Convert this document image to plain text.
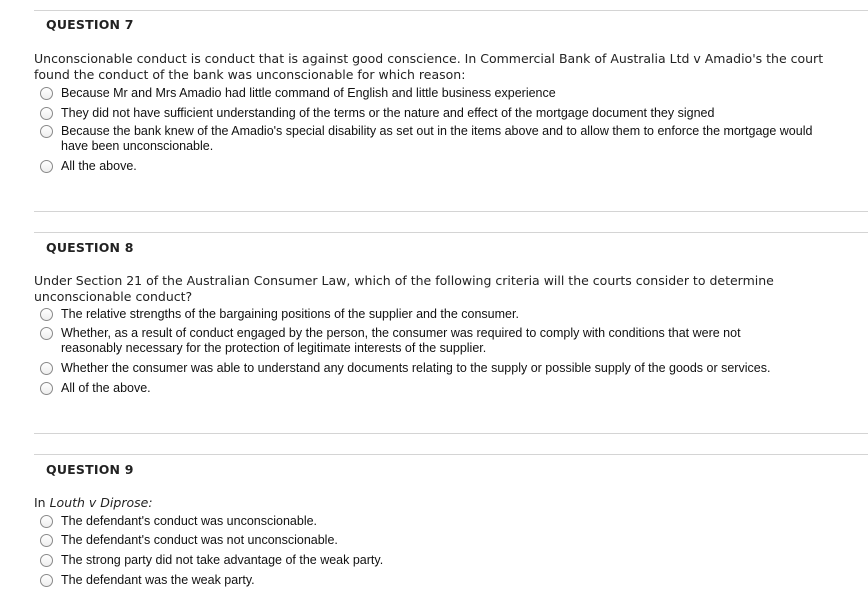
QUESTION 7
Unconscionable conduct is conduct that is against good conscience. In Commercial Bank of Australia Ltd v Amadio's the court found the conduct of the bank was unconscionable for which reason:
Because Mr and Mrs Amadio had little command of English and little business experience
They did not have sufficient understanding of the terms or the nature and effect of the mortgage document they signed
Because the bank knew of the Amadio's special disability as set out in the items above and to allow them to enforce the mortgage would have been unconscionable.
All the above.
QUESTION 8
Under Section 21 of the Australian Consumer Law, which of the following criteria will the courts consider to determine unconscionable conduct?
The relative strengths of the bargaining positions of the supplier and the consumer.
Whether, as a result of conduct engaged by the person, the consumer was required to comply with conditions that were not reasonably necessary for the protection of legitimate interests of the supplier.
Whether the consumer was able to understand any documents relating to the supply or possible supply of the goods or services.
All of the above.
QUESTION 9
In Louth v Diprose:
The defendant's conduct was unconscionable.
The defendant's conduct was not unconscionable.
The strong party did not take advantage of the weak party.
The defendant was the weak party.
